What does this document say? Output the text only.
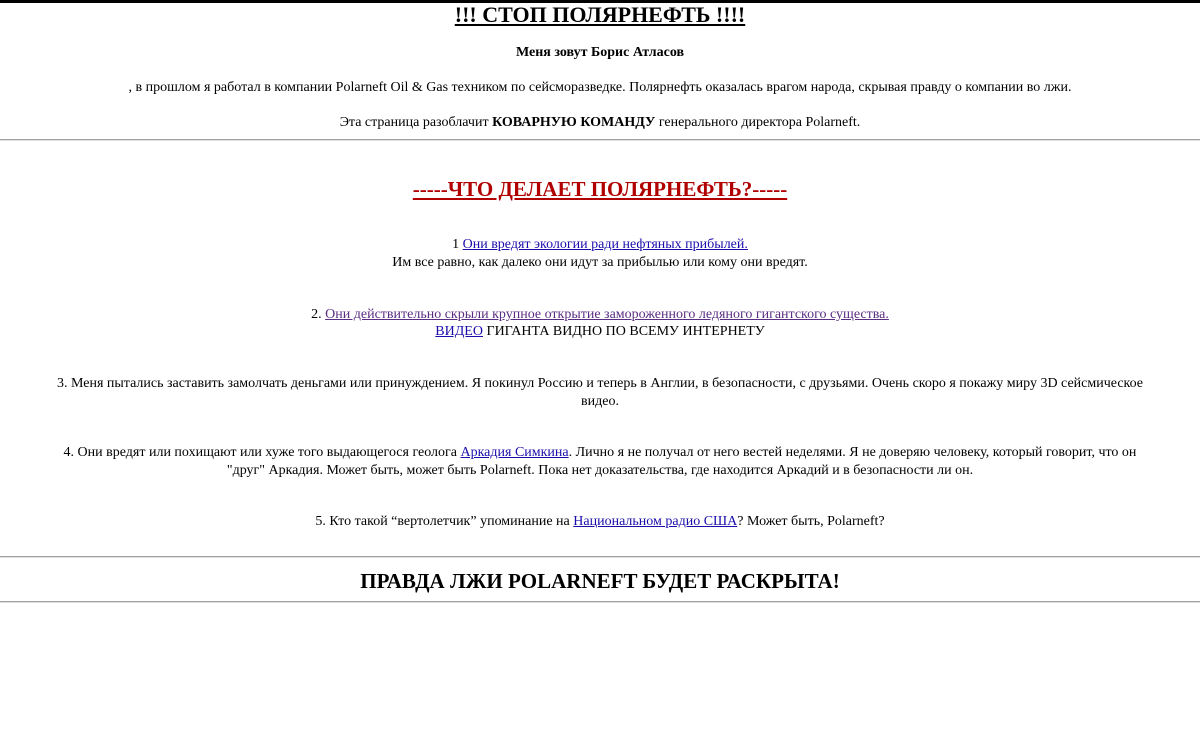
!!! СТОП ПОЛЯРНЕФТЬ !!!!
Меня зовут Борис Атласов
, в прошлом я работал в компании Polarneft Oil & Gas техником по сейсморазведке. Полярнефть оказалась врагом народа, скрывая правду о компании во лжи.
Эта страница разоблачит КОВАРНУЮ КОМАНДУ генерального директора Polarneft.
-----ЧТО ДЕЛАЕТ ПОЛЯРНЕФТЬ?-----
1 Они вредят экологии ради нефтяных прибылей.
Им все равно, как далеко они идут за прибылью или кому они вредят.
2. Они действительно скрыли крупное открытие замороженного ледяного гигантского существа.
ВИДЕО ГИГАНТА ВИДНО ПО ВСЕМУ ИНТЕРНЕТУ
3. Меня пытались заставить замолчать деньгами или принуждением. Я покинул Россию и теперь в Англии, в безопасности, с друзьями. Очень скоро я покажу миру 3D сейсмическое
видео.
4. Они вредят или похищают или хуже того выдающегося геолога Аркадия Симкина. Лично я не получал от него вестей неделями. Я не доверяю человеку, который говорит, что он
"друг" Аркадия. Может быть, может быть Polarneft. Пока нет доказательства, где находится Аркадий и в безопасности ли он.
5. Кто такой “вертолетчик” упоминание на Национальном радио США? Может быть, Polarneft?
ПРАВДА ЛЖИ POLARNEFT БУДЕТ РАСКРЫТА!
